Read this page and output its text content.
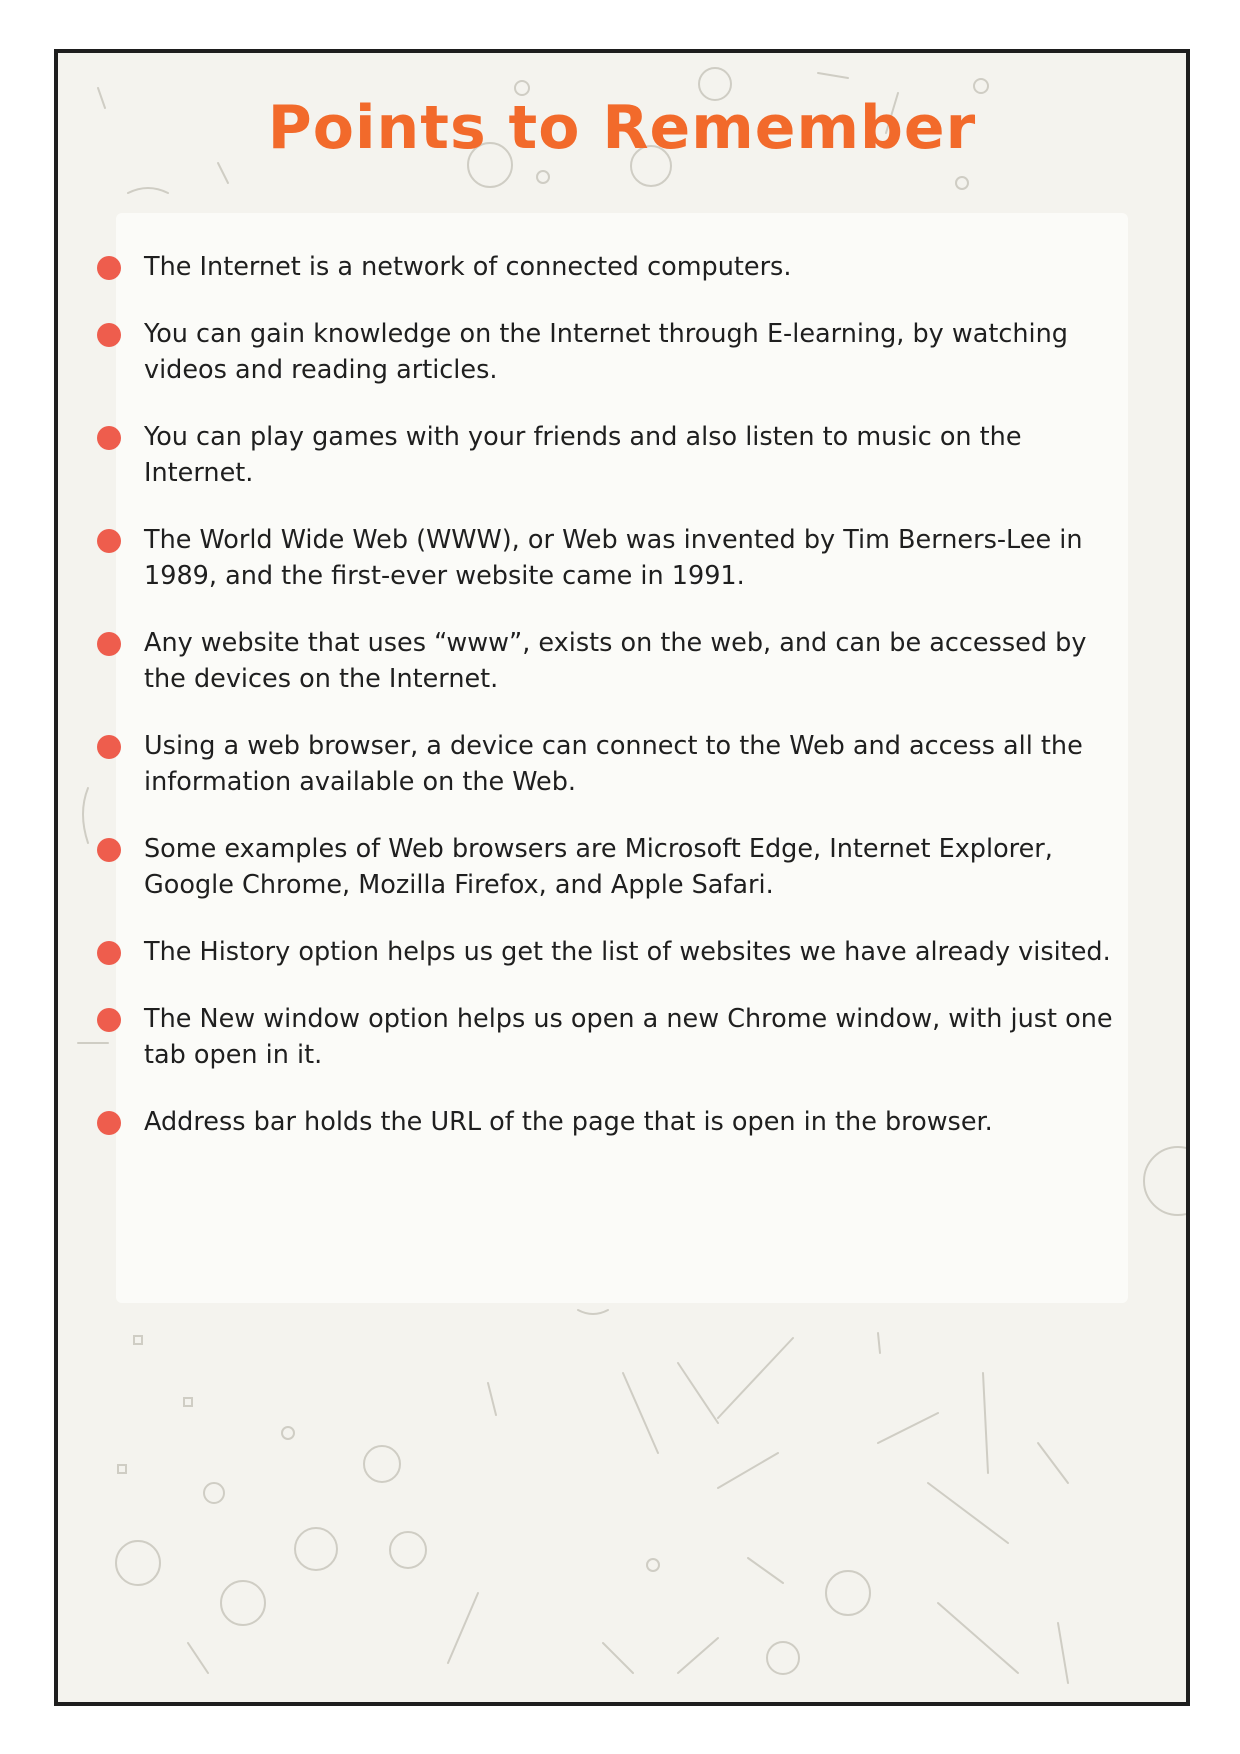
Points to Remember
The Internet is a network of connected computers.
You can gain knowledge on the Internet through E-learning, by watching videos and reading articles.
You can play games with your friends and also listen to music on the Internet.
The World Wide Web (WWW), or Web was invented by Tim Berners-Lee in 1989, and the first-ever website came in 1991.
Any website that uses “www”, exists on the web, and can be accessed by the devices on the Internet.
Using a web browser, a device can connect to the Web and access all the information available on the Web.
Some examples of Web browsers are Microsoft Edge, Internet Explorer, Google Chrome, Mozilla Firefox, and Apple Safari.
The History option helps us get the list of websites we have already visited.
The New window option helps us open a new Chrome window, with just one tab open in it.
Address bar holds the URL of the page that is open in the browser.
